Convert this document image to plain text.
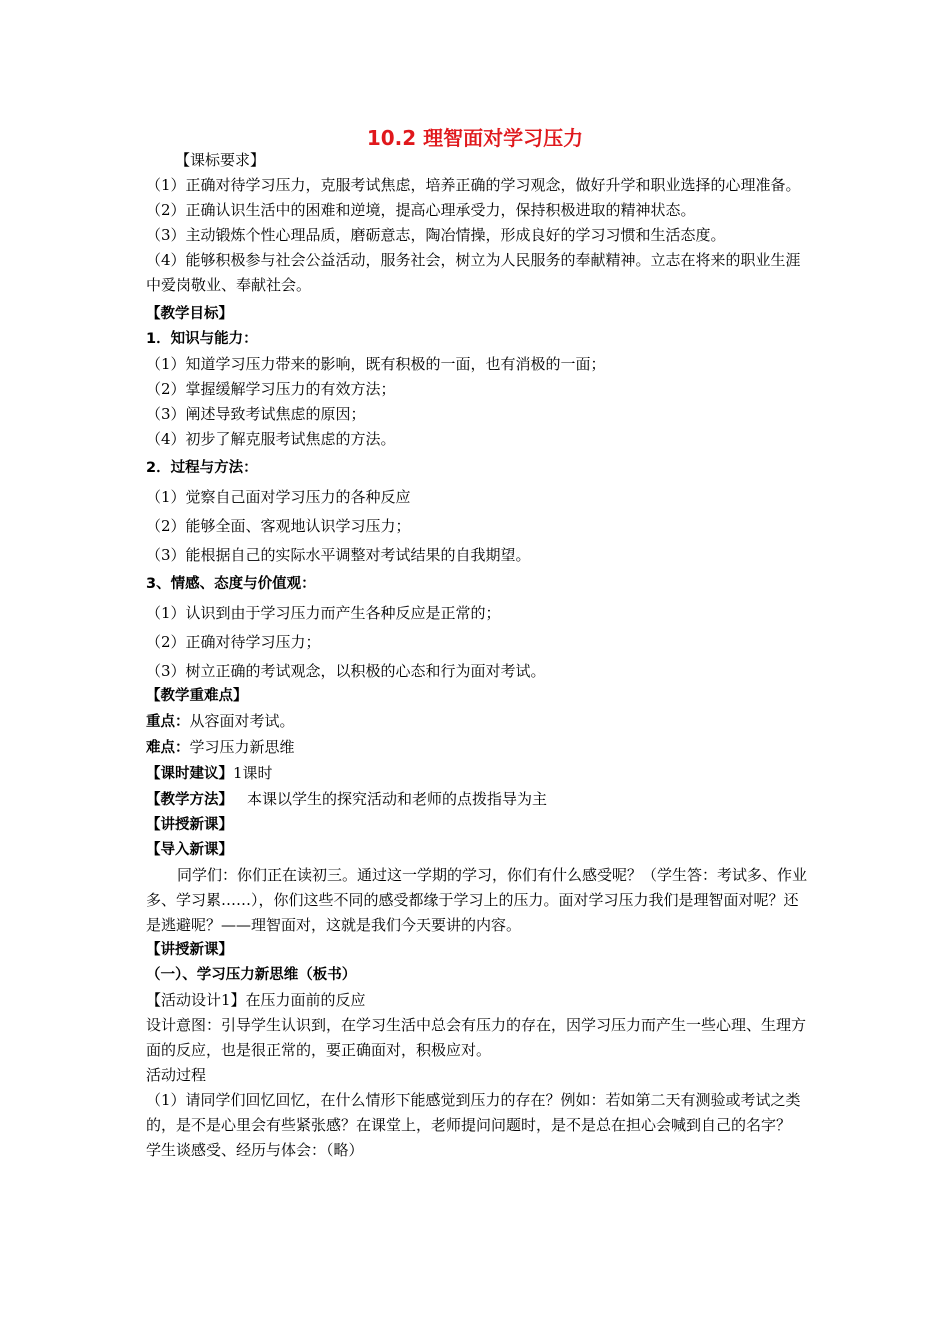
10.2 理智面对学习压力

【课标要求】

（1）正确对待学习压力，克服考试焦虑，培养正确的学习观念，做好升学和职业选择的心理准备。

（2）正确认识生活中的困难和逆境，提高心理承受力，保持积极进取的精神状态。

（3）主动锻炼个性心理品质，磨砺意志，陶冶情操，形成良好的学习习惯和生活态度。

（4）能够积极参与社会公益活动，服务社会，树立为人民服务的奉献精神。立志在将来的职业生涯中爱岗敬业、奉献社会。

【教学目标】

1．知识与能力：

（1）知道学习压力带来的影响，既有积极的一面，也有消极的一面；

（2）掌握缓解学习压力的有效方法；

（3）阐述导致考试焦虑的原因；

（4）初步了解克服考试焦虑的方法。

2．过程与方法：

（1）觉察自己面对学习压力的各种反应

（2）能够全面、客观地认识学习压力；

（3）能根据自己的实际水平调整对考试结果的自我期望。

3、情感、态度与价值观：

（1）认识到由于学习压力而产生各种反应是正常的；

（2）正确对待学习压力；

（3）树立正确的考试观念，以积极的心态和行为面对考试。

【教学重难点】

重点：从容面对考试。

难点：学习压力新思维

【课时建议】1课时

【教学方法】 本课以学生的探究活动和老师的点拨指导为主

【讲授新课】

【导入新课】

同学们：你们正在读初三。通过这一学期的学习，你们有什么感受呢？（学生答：考试多、作业多、学习累……），你们这些不同的感受都缘于学习上的压力。面对学习压力我们是理智面对呢？还是逃避呢？——理智面对，这就是我们今天要讲的内容。

【讲授新课】

（一）、学习压力新思维（板书）

【活动设计1】在压力面前的反应

设计意图：引导学生认识到，在学习生活中总会有压力的存在，因学习压力而产生一些心理、生理方面的反应，也是很正常的，要正确面对，积极应对。

活动过程

（1）请同学们回忆回忆，在什么情形下能感觉到压力的存在？例如：若如第二天有测验或考试之类的，是不是心里会有些紧张感？在课堂上，老师提问问题时，是不是总在担心会喊到自己的名字？

学生谈感受、经历与体会：（略）
